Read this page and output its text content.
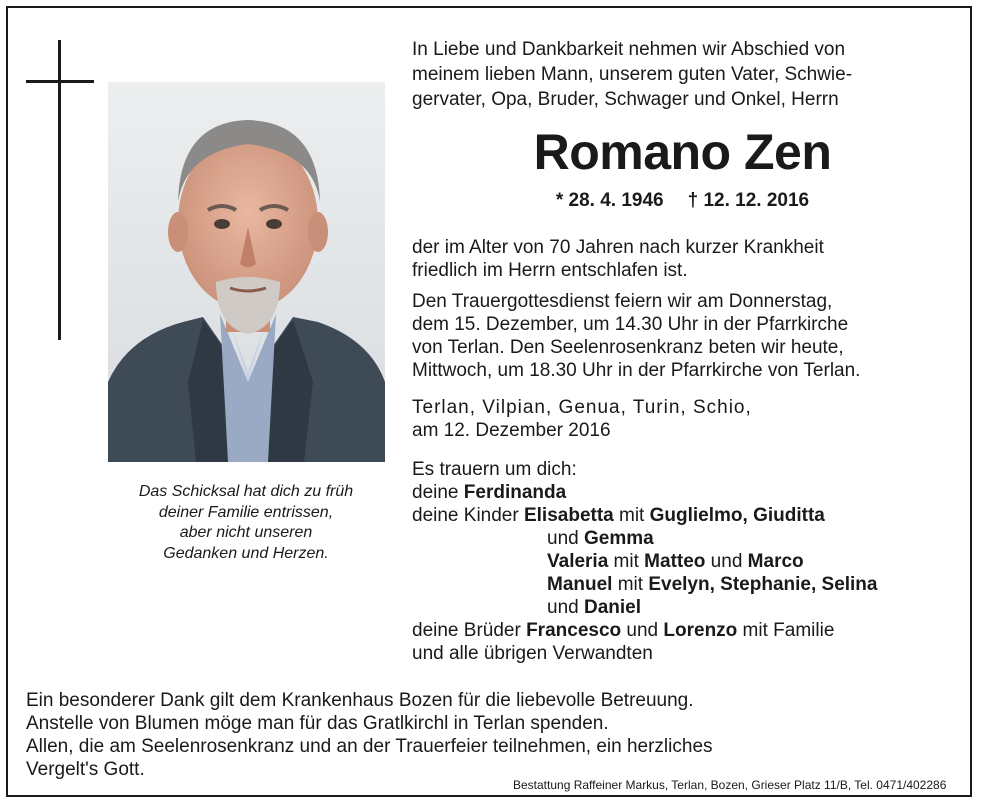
Das Schicksal hat dich zu früh
deiner Familie entrissen,
aber nicht unseren
Gedanken und Herzen.
In Liebe und Dankbarkeit nehmen wir Abschied von
meinem lieben Mann, unserem guten Vater, Schwie-
gervater, Opa, Bruder, Schwager und Onkel, Herrn
Romano Zen
* 28. 4. 1946 † 12. 12. 2016
der im Alter von 70 Jahren nach kurzer Krankheit
friedlich im Herrn entschlafen ist.
Den Trauergottesdienst feiern wir am Donnerstag,
dem 15. Dezember, um 14.30 Uhr in der Pfarrkirche
von Terlan. Den Seelenrosenkranz beten wir heute,
Mittwoch, um 18.30 Uhr in der Pfarrkirche von Terlan.
Terlan, Vilpian, Genua, Turin, Schio,
am 12. Dezember 2016
Es trauern um dich:
deine Ferdinanda
deine Kinder Elisabetta mit Guglielmo, Giuditta
und Gemma
Valeria mit Matteo und Marco
Manuel mit Evelyn, Stephanie, Selina
und Daniel
deine Brüder Francesco und Lorenzo mit Familie
und alle übrigen Verwandten
Ein besonderer Dank gilt dem Krankenhaus Bozen für die liebevolle Betreuung.
Anstelle von Blumen möge man für das Gratlkirchl in Terlan spenden.
Allen, die am Seelenrosenkranz und an der Trauerfeier teilnehmen, ein herzliches
Vergelt's Gott.
Bestattung Raffeiner Markus, Terlan, Bozen, Grieser Platz 11/B, Tel. 0471/402286
